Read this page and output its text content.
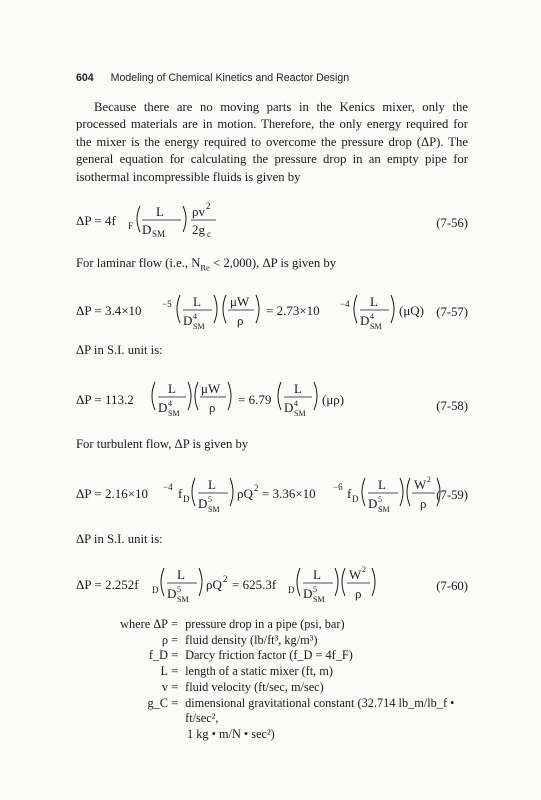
604 Modeling of Chemical Kinetics and Reactor Design

Because there are no moving parts in the Kenics mixer, only the processed materials are in motion. Therefore, the only energy required for the mixer is the energy required to overcome the pressure drop (ΔP). The general equation for calculating the pressure drop in an empty pipe for isothermal incompressible fluids is given by

ΔP = 4f F
L
D SM
ρv 2
2g c
(7-56)
For laminar flow (i.e., $N_{Re} < 2,000$), ΔP is given by
ΔP = 3.4×10 −5 L
D 4
SM
μW
ρ
= 2.73×10 −4 L
D 4
SM
(μQ) (7-57)

ΔP in S.I. unit is:

ΔP = 113.2
L
D 4
SM
μW
ρ
= 6.79
L
D 4
SM
(μρ)	(7-58)

For turbulent flow, ΔP is given by

ΔP = 2.16×10 −4 f D
L
D 5
SM
ρQ 2 = 3.36×10 −6 f D
L
D 5
SM
W 2
ρ
(7-59)

ΔP in S.I. unit is:

ΔP = 2.252f D
L
D 5
SM
ρQ 2 = 625.3f D
L
D 5
SM
W 2
ρ	(7-60)
where ΔP = pressure drop in a pipe (psi, bar)
ρ = fluid density (lb/ft³, kg/m³)
f_D = Darcy friction factor (f_D = 4f_F)
L = length of a static mixer (ft, m)
v = fluid velocity (ft/sec, m/sec)
g_C = dimensional gravitational constant (32.714 lb_m/lb_f • ft/sec²,
1 kg • m/N • sec²)
